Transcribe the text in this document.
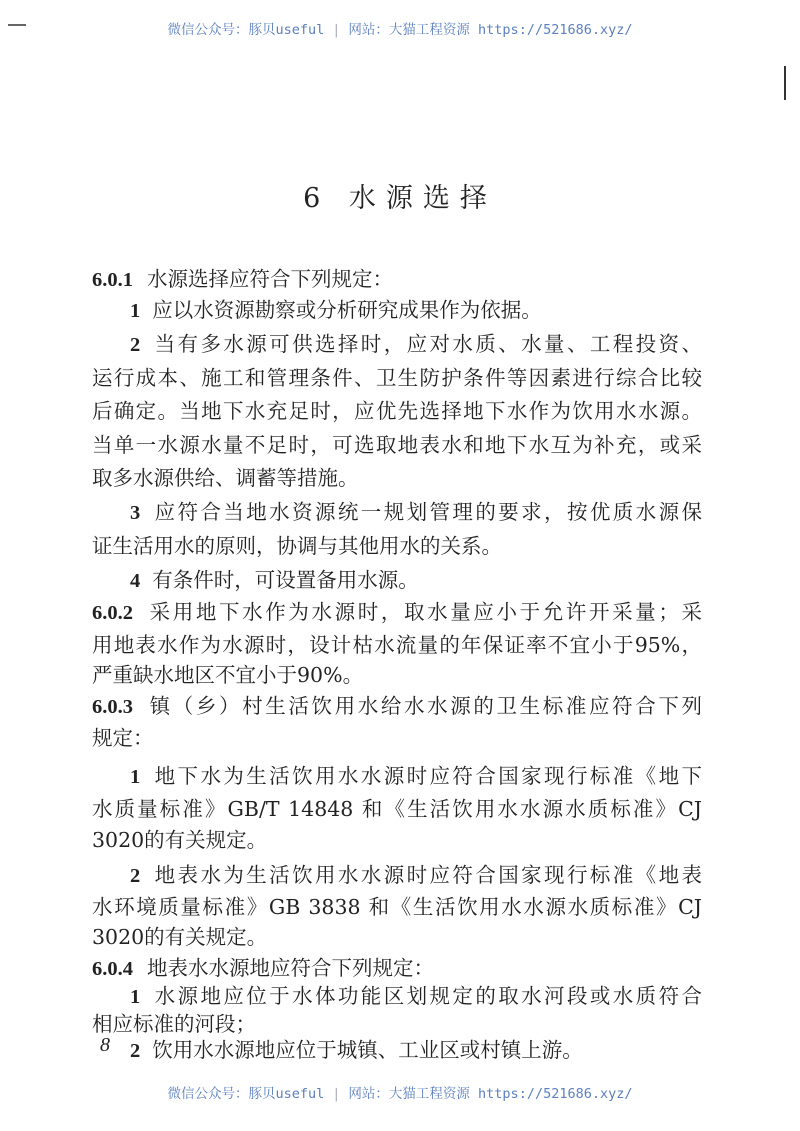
微信公众号：豚贝useful | 网站：大猫工程资源 https://521686.xyz/
6 水源选择
6.0.1 水源选择应符合下列规定：
1 应以水资源勘察或分析研究成果作为依据。
2 当有多水源可供选择时，应对水质、水量、工程投资、
运行成本、施工和管理条件、卫生防护条件等因素进行综合比较
后确定。当地下水充足时，应优先选择地下水作为饮用水水源。
当单一水源水量不足时，可选取地表水和地下水互为补充，或采
取多水源供给、调蓄等措施。
3 应符合当地水资源统一规划管理的要求，按优质水源保
证生活用水的原则，协调与其他用水的关系。
4 有条件时，可设置备用水源。
6.0.2 采用地下水作为水源时，取水量应小于允许开采量；采
用地表水作为水源时，设计枯水流量的年保证率不宜小于95%，
严重缺水地区不宜小于90%。
6.0.3 镇（乡）村生活饮用水给水水源的卫生标准应符合下列
规定：
1 地下水为生活饮用水水源时应符合国家现行标准《地下
水质量标准》GB/T 14848 和《生活饮用水水源水质标准》CJ
3020的有关规定。
2 地表水为生活饮用水水源时应符合国家现行标准《地表
水环境质量标准》GB 3838 和《生活饮用水水源水质标准》CJ
3020的有关规定。
6.0.4 地表水水源地应符合下列规定：
1 水源地应位于水体功能区划规定的取水河段或水质符合
相应标准的河段；
2 饮用水水源地应位于城镇、工业区或村镇上游。
8
微信公众号：豚贝useful | 网站：大猫工程资源 https://521686.xyz/
